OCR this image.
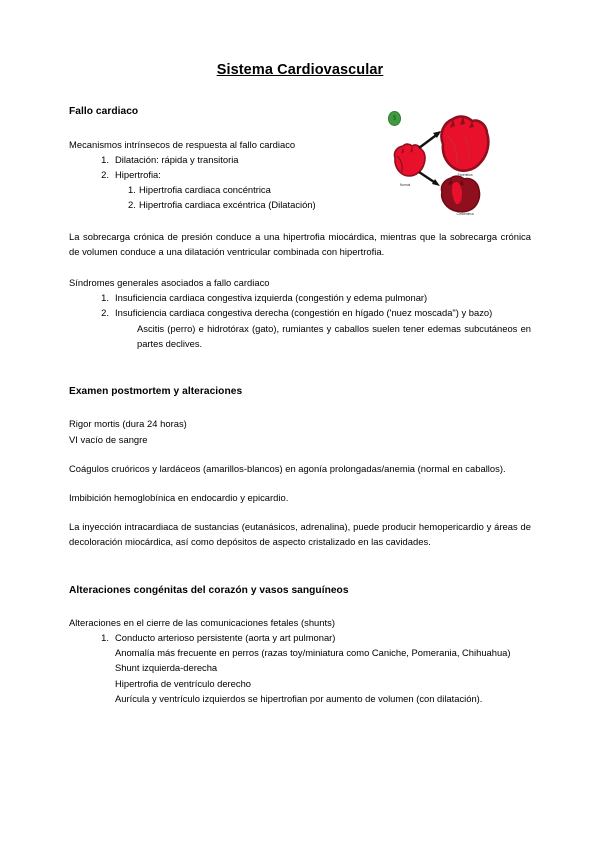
Sistema Cardiovascular
Fallo cardiaco

Mecanismos intrínsecos de respuesta al fallo cardiaco

Dilatación: rápida y transitoria
Hipertrofia:
Hipertrofia cardiaca concéntrica
Hipertrofia cardiaca excéntrica (Dilatación)

La sobrecarga crónica de presión conduce a una hipertrofia miocárdica, mientras que la sobrecarga crónica de volumen conduce a una dilatación ventricular combinada con hipertrofia.

Síndromes generales asociados a fallo cardiaco

Insuficiencia cardiaca congestiva izquierda (congestión y edema pulmonar)
Insuficiencia cardiaca congestiva derecha (congestión en hígado ('nuez moscada") y bazo)
Ascitis (perro) e hidrotórax (gato), rumiantes y caballos suelen tener edemas subcutáneos en partes declives.
Examen postmortem y alteraciones

Rigor mortis (dura 24 horas)

VI vacío de sangre

Coágulos cruóricos y lardáceos (amarillos-blancos) en agonía prolongadas/anemia (normal en caballos).

Imbibición hemoglobínica en endocardio y epicardio.

La inyección intracardiaca de sustancias (eutanásicos, adrenalina), puede producir hemopericardio y áreas de decoloración miocárdica, así como depósitos de aspecto cristalizado en las cavidades.

Alteraciones congénitas del corazón y vasos sanguíneos

Alteraciones en el cierre de las comunicaciones fetales (shunts)

Conducto arterioso persistente (aorta y art pulmonar)
Anomalía más frecuente en perros (razas toy/miniatura como Caniche, Pomerania, Chihuahua)
Shunt izquierda-derecha
Hipertrofia de ventrículo derecho
Aurícula y ventrículo izquierdos se hipertrofian por aumento de volumen (con dilatación).
$
Normal
Excéntrica
Concéntrica
